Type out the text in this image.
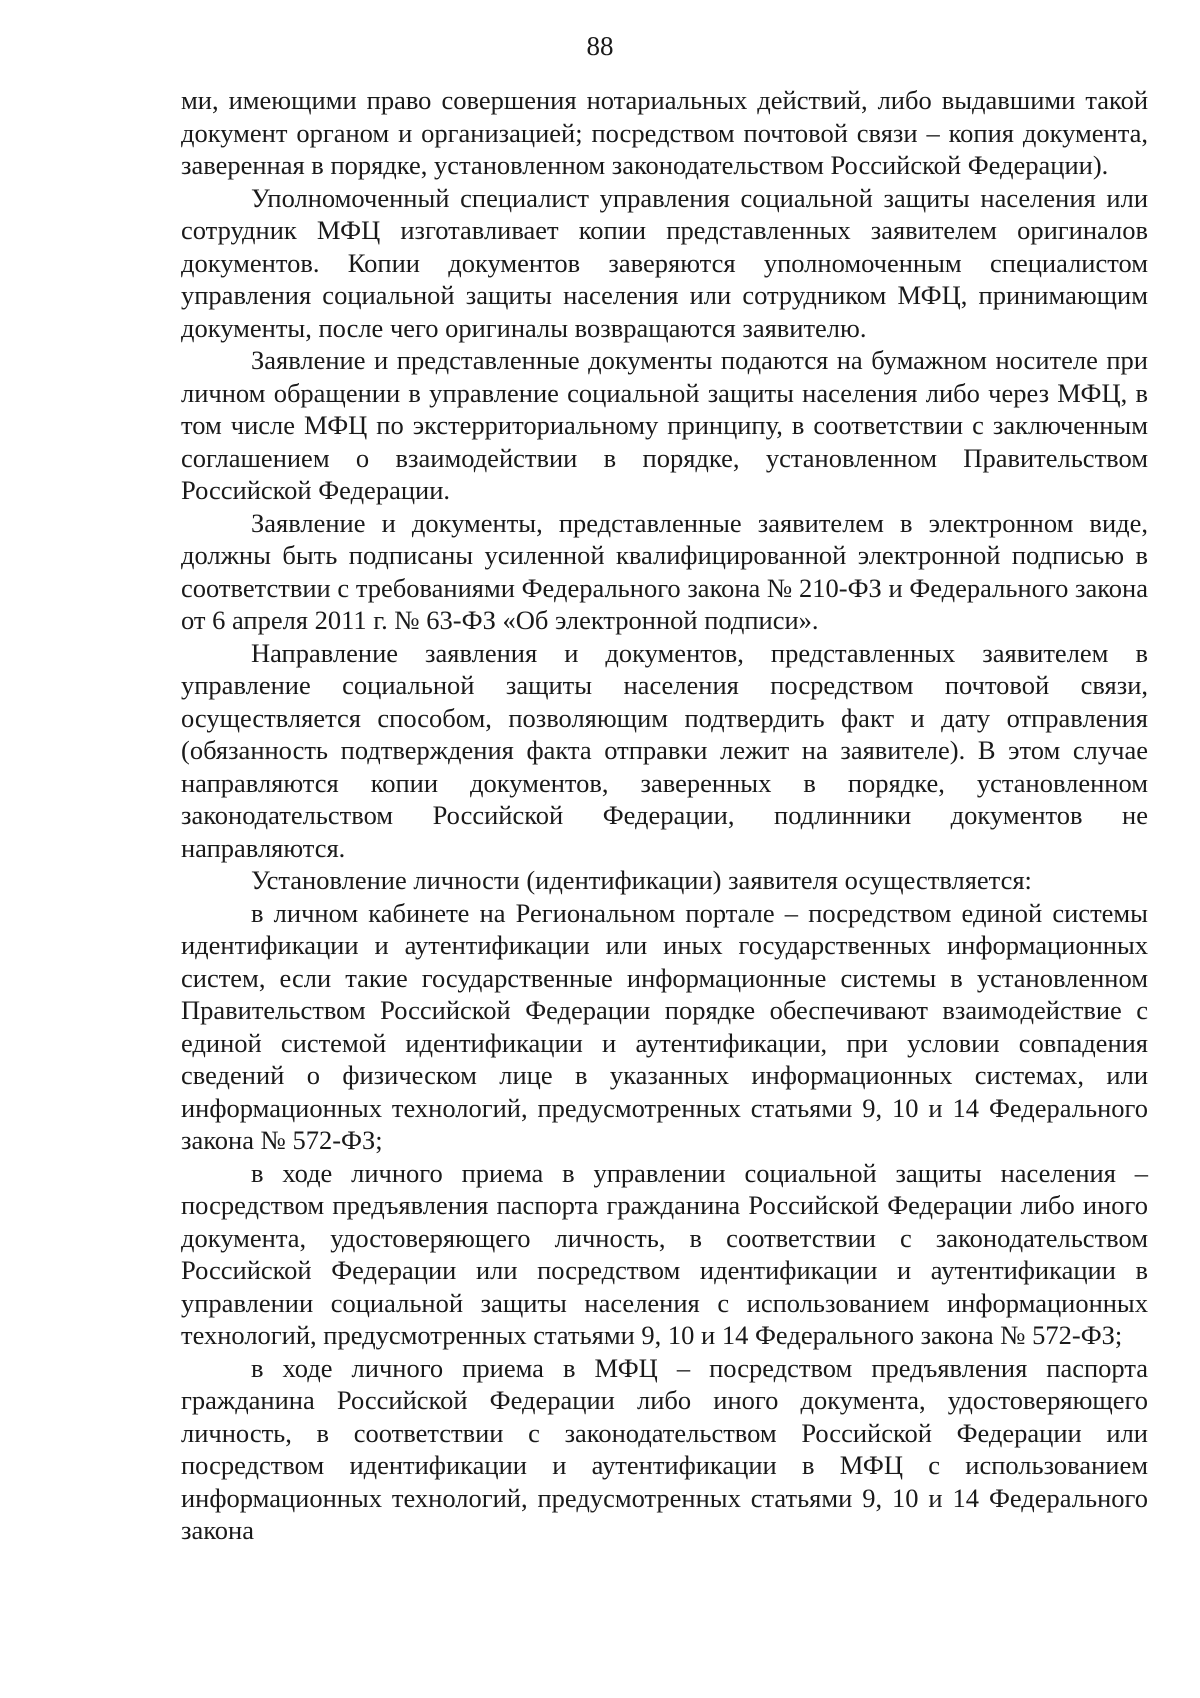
88

ми, имеющими право совершения нотариальных действий, либо выдавшими такой документ органом и организацией; посредством почтовой связи – копия документа, заверенная в порядке, установленном законодательством Российской Федерации).

Уполномоченный специалист управления социальной защиты населения или сотрудник МФЦ изготавливает копии представленных заявителем оригиналов документов. Копии документов заверяются уполномоченным специалистом управления социальной защиты населения или сотрудником МФЦ, принимающим документы, после чего оригиналы возвращаются заявителю.

Заявление и представленные документы подаются на бумажном носителе при личном обращении в управление социальной защиты населения либо через МФЦ, в том числе МФЦ по экстерриториальному принципу, в соответствии с заключенным соглашением о взаимодействии в порядке, установленном Правительством Российской Федерации.

Заявление и документы, представленные заявителем в электронном виде, должны быть подписаны усиленной квалифицированной электронной подписью в соответствии с требованиями Федерального закона № 210-ФЗ и Федерального закона от 6 апреля 2011 г. № 63-ФЗ «Об электронной подписи».

Направление заявления и документов, представленных заявителем в управление социальной защиты населения посредством почтовой связи, осуществляется способом, позволяющим подтвердить факт и дату отправления (обязанность подтверждения факта отправки лежит на заявителе). В этом случае направляются копии документов, заверенных в порядке, установленном законодательством Российской Федерации, подлинники документов не направляются.

Установление личности (идентификации) заявителя осуществляется:

в личном кабинете на Региональном портале – посредством единой системы идентификации и аутентификации или иных государственных информационных систем, если такие государственные информационные системы в установленном Правительством Российской Федерации порядке обеспечивают взаимодействие с единой системой идентификации и аутентификации, при условии совпадения сведений о физическом лице в указанных информационных системах, или информационных технологий, предусмотренных статьями 9, 10 и 14 Федерального закона № 572-ФЗ;

в ходе личного приема в управлении социальной защиты населения – посредством предъявления паспорта гражданина Российской Федерации либо иного документа, удостоверяющего личность, в соответствии с законодательством Российской Федерации или посредством идентификации и аутентификации в управлении социальной защиты населения с использованием информационных технологий, предусмотренных статьями 9, 10 и 14 Федерального закона № 572-ФЗ;

в ходе личного приема в МФЦ – посредством предъявления паспорта гражданина Российской Федерации либо иного документа, удостоверяющего личность, в соответствии с законодательством Российской Федерации или посредством идентификации и аутентификации в МФЦ с использованием информационных технологий, предусмотренных статьями 9, 10 и 14 Федерального закона
